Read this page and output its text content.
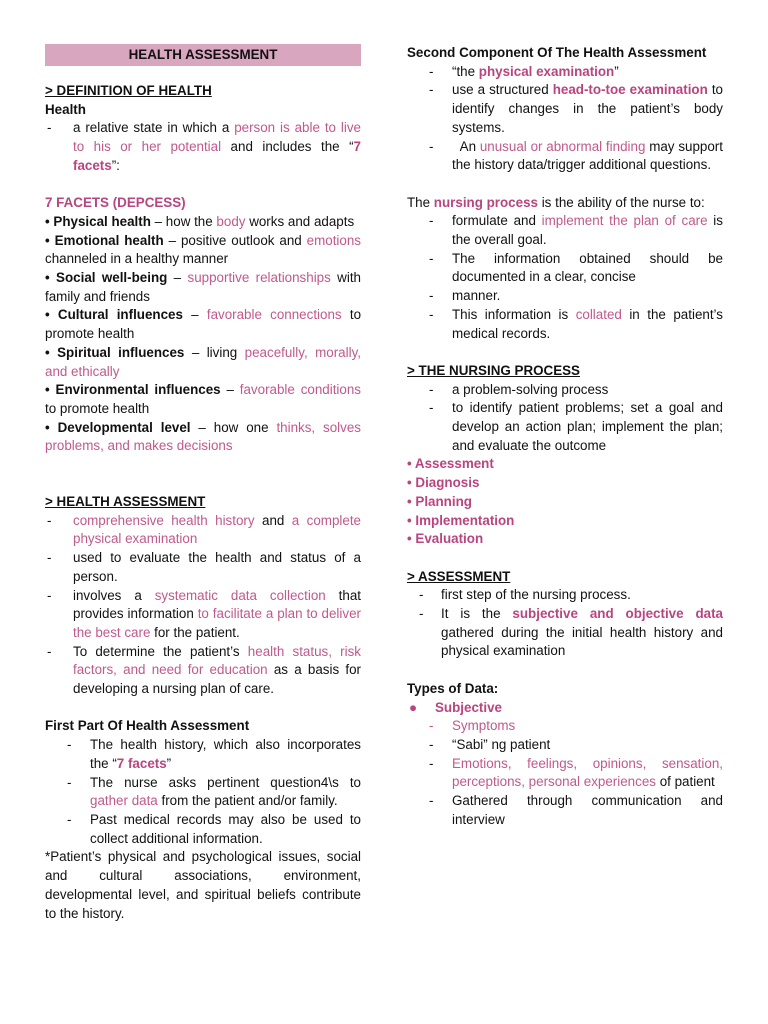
HEALTH ASSESSMENT

> DEFINITION OF HEALTH

Health

-	a relative state in which a person is able to live to his or her potential and includes the “7 facets”:

7 FACETS (DEPCESS)

• Physical health – how the body works and adapts

• Emotional health – positive outlook and emotions channeled in a healthy manner

• Social well-being – supportive relationships with family and friends

• Cultural influences – favorable connections to promote health

• Spiritual influences – living peacefully, morally, and ethically

• Environmental influences – favorable conditions to promote health

• Developmental level – how one thinks, solves problems, and makes decisions

> HEALTH ASSESSMENT

-	comprehensive health history and a complete physical examination
-	used to evaluate the health and status of a person.
-	involves a systematic data collection that provides information to facilitate a plan to deliver the best care for the patient.
-	To determine the patient’s health status, risk factors, and need for education as a basis for developing a nursing plan of care.

First Part Of Health Assessment

-	The health history, which also incorporates the “7 facets”
-	The nurse asks pertinent question4\s to gather data from the patient and/or family.
-	Past medical records may also be used to collect additional information.

*Patient’s physical and psychological issues, social and cultural associations, environment, developmental level, and spiritual beliefs contribute to the history.

Second Component Of The Health Assessment

-	“the physical examination”
-	use a structured head-to-toe examination to identify changes in the patient’s body systems.
-	An unusual or abnormal finding may support the history data/trigger additional questions.

The nursing process is the ability of the nurse to:

-	formulate and implement the plan of care is the overall goal.
-	The information obtained should be documented in a clear, concise
-	manner.
-	This information is collated in the patient’s medical records.

> THE NURSING PROCESS

-	a problem-solving process
-	to identify patient problems; set a goal and develop an action plan; implement the plan; and evaluate the outcome

• Assessment

• Diagnosis

• Planning

• Implementation

• Evaluation

> ASSESSMENT

-	first step of the nursing process.
-	It is the subjective and objective data gathered during the initial health history and physical examination

Types of Data:

●	Subjective
-	Symptoms
-	“Sabi” ng patient
-	Emotions, feelings, opinions, sensation, perceptions, personal experiences of patient
-	Gathered through communication and interview
